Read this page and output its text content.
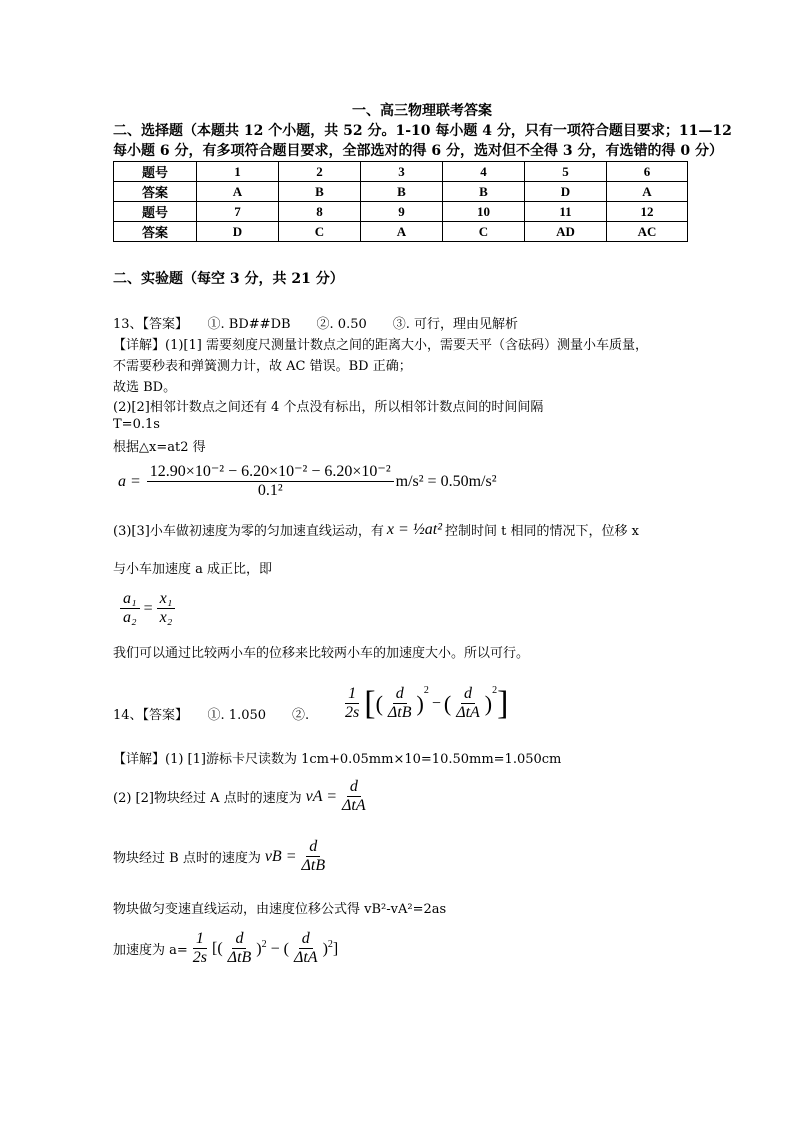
一、高三物理联考答案
二、选择题（本题共 12 个小题，共 52 分。1-10 每小题 4 分，只有一项符合题目要求；11—12
每小题 6 分，有多项符合题目要求，全部选对的得 6 分，选对但不全得 3 分，有选错的得 0 分）
题号	1	2	3	4	5	6
答案	A	B	B	B	D	A
题号	7	8	9	10	11	12
答案	D	C	A	C	AD	AC
二、实验题（每空 3 分，共 21 分）
13、【答案】　　①. BD##DB　　②. 0.50　　③. 可行，理由见解析
【详解】(1)[1] 需要刻度尺测量计数点之间的距离大小，需要天平（含砝码）测量小车质量，
不需要秒表和弹簧测力计，故 AC 错误。BD 正确；
故选 BD。
(2)[2]相邻计数点之间还有 4 个点没有标出，所以相邻计数点间的时间间隔
T=0.1s
根据△x=at2 得
$a = \frac{\text{12.90×10⁻² − 6.20×10⁻² − 6.20×10⁻²}}{\text{0.1²}} m/s^2 = 0.50m/s^2$
(3)[3]小车做初速度为零的匀加速直线运动，有 x = ½at² 控制时间 t 相同的情况下，位移 x
与小车加速度 a 成正比，即
$\frac{\text{a₁}}{\text{a₂}} = \frac{\text{x₁}}{\text{x₂}}$
我们可以通过比较两小车的位移来比较两小车的加速度大小。所以可行。
14、【答案】　　①. 1.050　　②. $\frac{1}{2s}$ [ ( $\frac{d}{\text{ΔtB}} )^2$
− ( $\frac{d}{\text{ΔtA}} )^2$ ]
【详解】(1) [1]游标卡尺读数为 1cm+0.05mm×10=10.50mm=1.050cm
(2) [2]物块经过 A 点时的速度为 vA = $\frac{d}{\text{ΔtA}}$
物块经过 B 点时的速度为 vB = $\frac{d}{\text{ΔtB}}$
物块做匀变速直线运动，由速度位移公式得 vB²-vA²=2as
加速度为 $a= \frac{1}{2s}$ [( $\frac{d}{\text{ΔtB}} )^2$ − ( $\frac{d}{\text{ΔtA}} )^2$]
